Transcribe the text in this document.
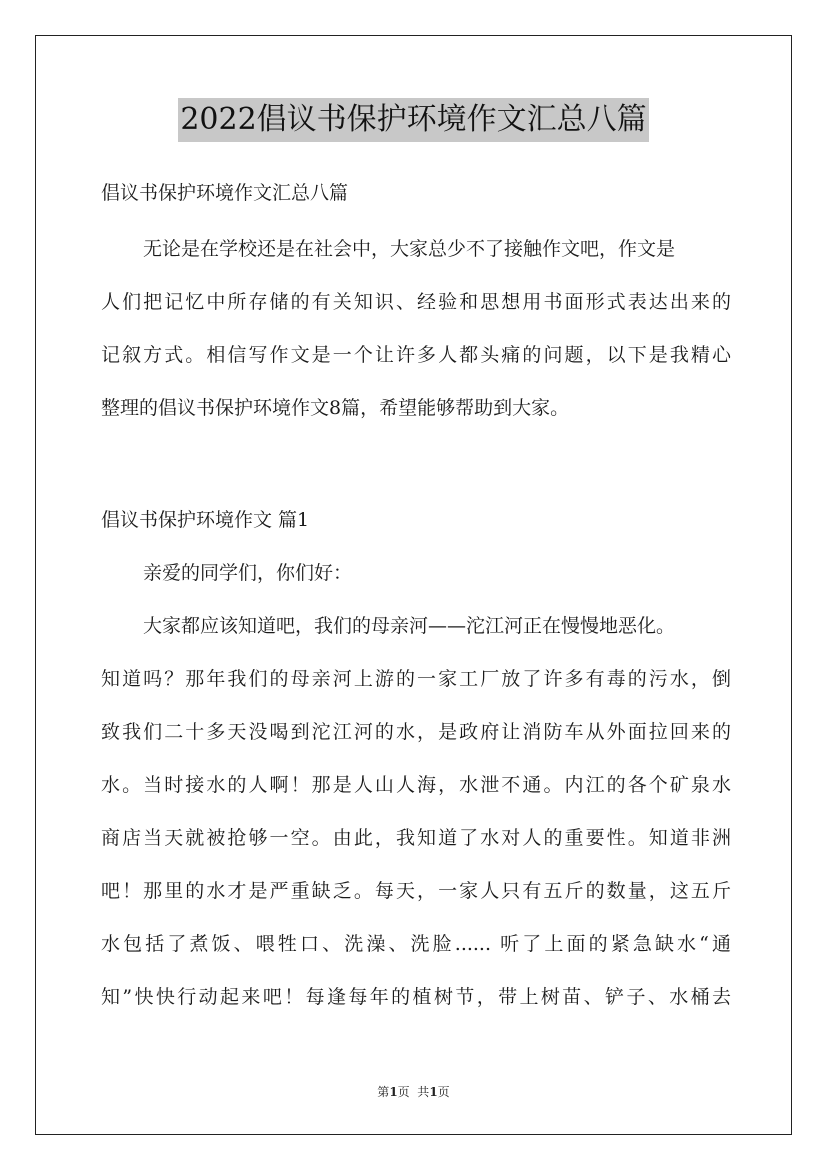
2022倡议书保护环境作文汇总八篇
倡议书保护环境作文汇总八篇
无论是在学校还是在社会中，大家总少不了接触作文吧，作文是
人们把记忆中所存储的有关知识、经验和思想用书面形式表达出来的
记叙方式。相信写作文是一个让许多人都头痛的问题，以下是我精心
整理的倡议书保护环境作文8篇，希望能够帮助到大家。
倡议书保护环境作文 篇1
亲爱的同学们，你们好：
大家都应该知道吧，我们的母亲河——沱江河正在慢慢地恶化。
知道吗？那年我们的母亲河上游的一家工厂放了许多有毒的污水，倒
致我们二十多天没喝到沱江河的水，是政府让消防车从外面拉回来的
水。当时接水的人啊！那是人山人海，水泄不通。内江的各个矿泉水
商店当天就被抢够一空。由此，我知道了水对人的重要性。知道非洲
吧！那里的水才是严重缺乏。每天，一家人只有五斤的数量，这五斤
水包括了煮饭、喂牲口、洗澡、洗脸...... 听了上面的紧急缺水“通
知”快快行动起来吧！每逢每年的植树节，带上树苗、铲子、水桶去
第1页  共1页
